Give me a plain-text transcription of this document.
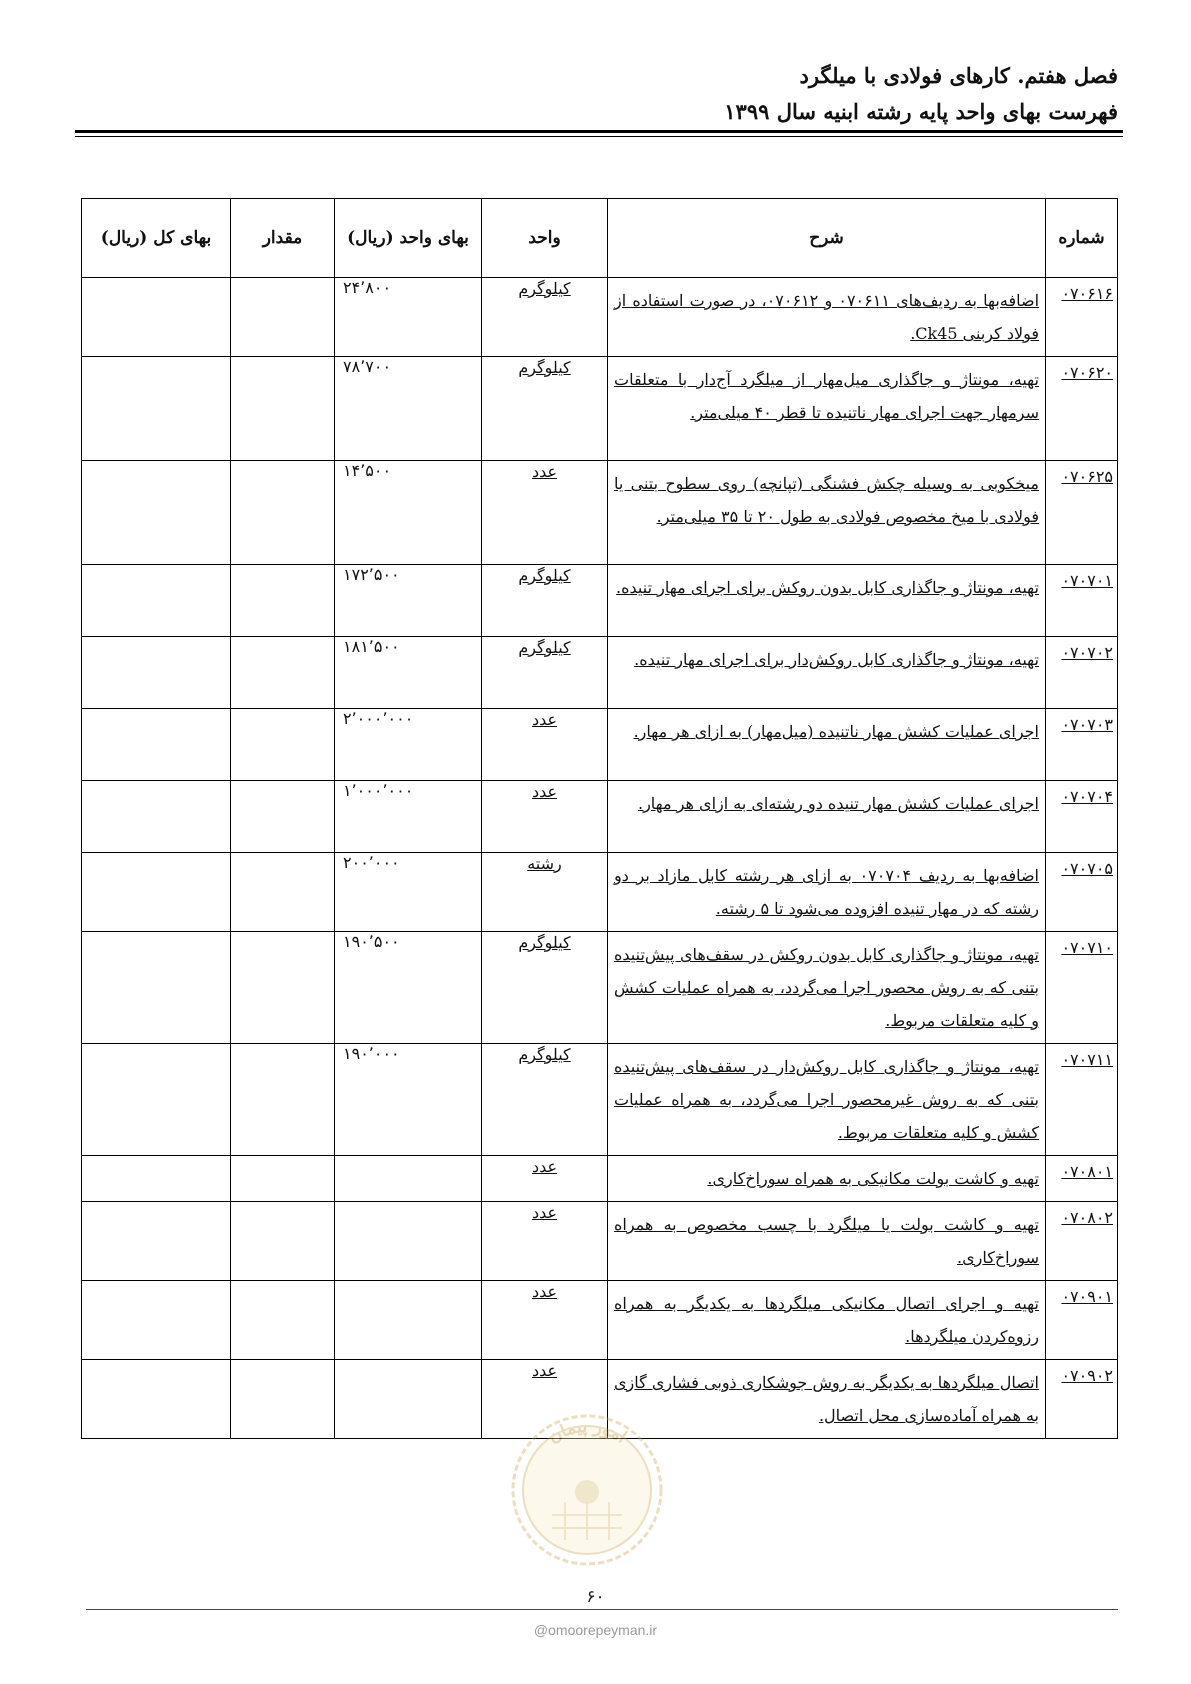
فصل هفتم. کارهای فولادی با میلگرد
فهرست بهای واحد پایه رشته ابنیه سال ۱۳۹۹
شماره	شرح	واحد	بهای واحد (ریال)	مقدار	بهای کل (ریال)
۰۷۰۶۱۶	اضافه‌بها به ردیف‌های ۰۷۰۶۱۱ و ۰۷۰۶۱۲، در صورت استفاده از فولاد کربنی Ck45.	کیلوگرم	۲۴٬۸۰۰		
۰۷۰۶۲۰	تهیه، مونتاژ و جاگذاری میل‌مهار از میلگرد آج‌دار با متعلقات سرمهار جهت اجرای مهار ناتنیده تا قطر ۴۰ میلی‌متر.	کیلوگرم	۷۸٬۷۰۰		
۰۷۰۶۲۵	میخکوبی به وسیله چکش فشنگی (تپانچه) روی سطوح بتنی یا فولادی با میخ مخصوص فولادی به طول ۲۰ تا ۳۵ میلی‌متر.	عدد	۱۴٬۵۰۰		
۰۷۰۷۰۱	تهیه، مونتاژ و جاگذاری کابل بدون روکش برای اجرای مهار تنیده.	کیلوگرم	۱۷۲٬۵۰۰		
۰۷۰۷۰۲	تهیه، مونتاژ و جاگذاری کابل روکش‌دار برای اجرای مهار تنیده.	کیلوگرم	۱۸۱٬۵۰۰		
۰۷۰۷۰۳	اجرای عملیات کشش مهار ناتنیده (میل‌مهار) به ازای هر مهار.	عدد	۲٬۰۰۰٬۰۰۰		
۰۷۰۷۰۴	اجرای عملیات کشش مهار تنیده دو رشته‌ای به ازای هر مهار.	عدد	۱٬۰۰۰٬۰۰۰		
۰۷۰۷۰۵	اضافه‌بها به ردیف ۰۷۰۷۰۴ به ازای هر رشته کابل مازاد بر دو رشته که در مهار تنیده افزوده می‌شود تا ۵ رشته.	رشته	۲۰۰٬۰۰۰		
۰۷۰۷۱۰	تهیه، مونتاژ و جاگذاری کابل بدون روکش در سقف‌های پیش‌تنیده بتنی که به روش محصور اجرا می‌گردد، به همراه عملیات کشش و کلیه متعلقات مربوط.	کیلوگرم	۱۹۰٬۵۰۰		
۰۷۰۷۱۱	تهیه، مونتاژ و جاگذاری کابل روکش‌دار در سقف‌های پیش‌تنیده بتنی که به روش غیرمحصور اجرا می‌گردد، به همراه عملیات کشش و کلیه متعلقات مربوط.	کیلوگرم	۱۹۰٬۰۰۰		
۰۷۰۸۰۱	تهیه و کاشت بولت مکانیکی به همراه سوراخ‌کاری.	عدد			
۰۷۰۸۰۲	تهیه و کاشت بولت یا میلگرد با چسب مخصوص به همراه سوراخ‌کاری.	عدد			
۰۷۰۹۰۱	تهیه و اجرای اتصال مکانیکی میلگردها به یکدیگر به همراه رزوه‌کردن میلگردها.	عدد			
۰۷۰۹۰۲	اتصال میلگردها به یکدیگر به روش جوشکاری ذوبی فشاری گازی به همراه آماده‌سازی محل اتصال.	عدد			
امور پیمان
۶۰
@omoorepeyman.ir
